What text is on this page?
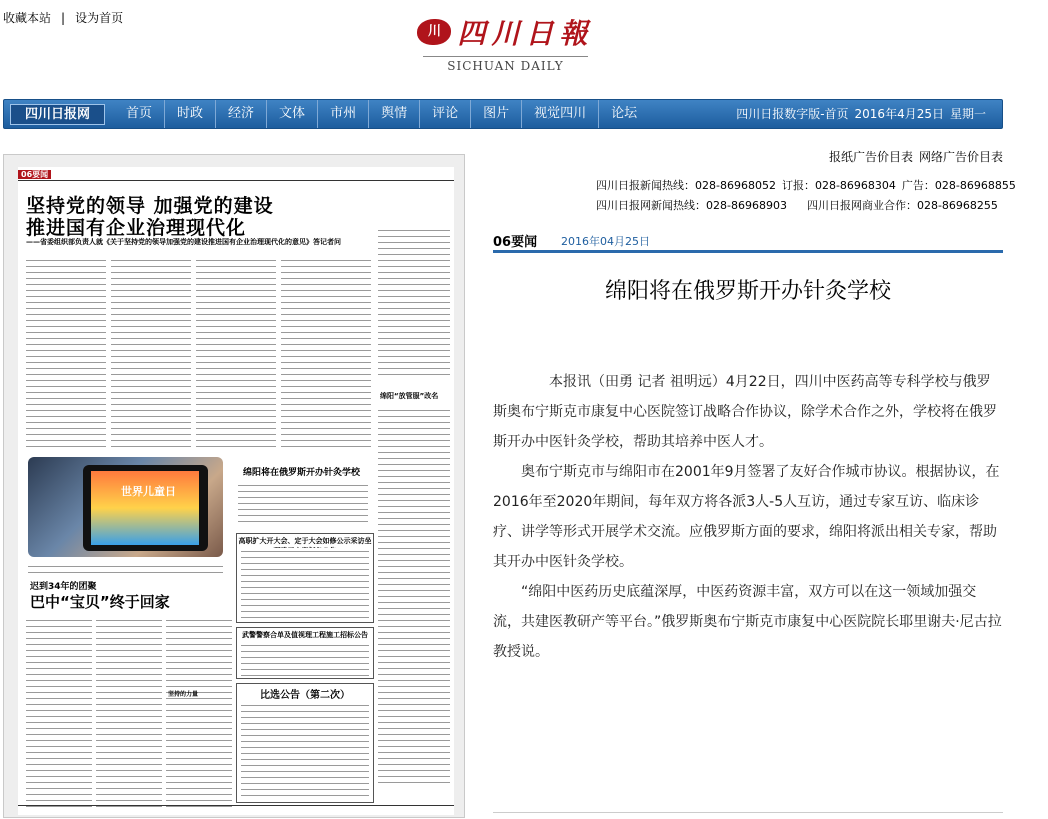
收藏本站 | 设为首页
川 四川日報
SICHUAN DAILY
四川日报网	首页	时政	经济	文体	市州	舆情	评论	图片	视觉四川	论坛	四川日报数字版-首页 2016年4月25日 星期一
06要闻
坚持党的领导 加强党的建设
推进国有企业治理现代化
——省委组织部负责人就《关于坚持党的领导加强党的建设推进国有企业治理现代化的意见》答记者问
绵阳“放管服”改名
世界儿童日
绵阳将在俄罗斯开办针灸学校
迟到34年的团聚
巴中“宝贝”终于回家
高职扩大开大会、定于大会如修公示采访坐
武警警察合单及值视理工程施工招标公告
比选公告（第二次）
坚持的力量
报纸广告价目表 网络广告价目表
四川日报新闻热线：028-86968052 订报：028-86968304 广告：028-86968855
四川日报网新闻热线：028-86968903 四川日报网商业合作：028-86968255
06要闻 2016年04月25日
绵阳将在俄罗斯开办针灸学校

本报讯（田勇 记者 祖明远）4月22日，四川中医药高等专科学校与俄罗斯奥布宁斯克市康复中心医院签订战略合作协议，除学术合作之外，学校将在俄罗斯开办中医针灸学校，帮助其培养中医人才。

奥布宁斯克市与绵阳市在2001年9月签署了友好合作城市协议。根据协议，在2016年至2020年期间，每年双方将各派3人-5人互访，通过专家互访、临床诊疗、讲学等形式开展学术交流。应俄罗斯方面的要求，绵阳将派出相关专家，帮助其开办中医针灸学校。

“绵阳中医药历史底蕴深厚，中医药资源丰富，双方可以在这一领域加强交流，共建医教研产等平台。”俄罗斯奥布宁斯克市康复中心医院院长耶里谢夫·尼古拉教授说。
